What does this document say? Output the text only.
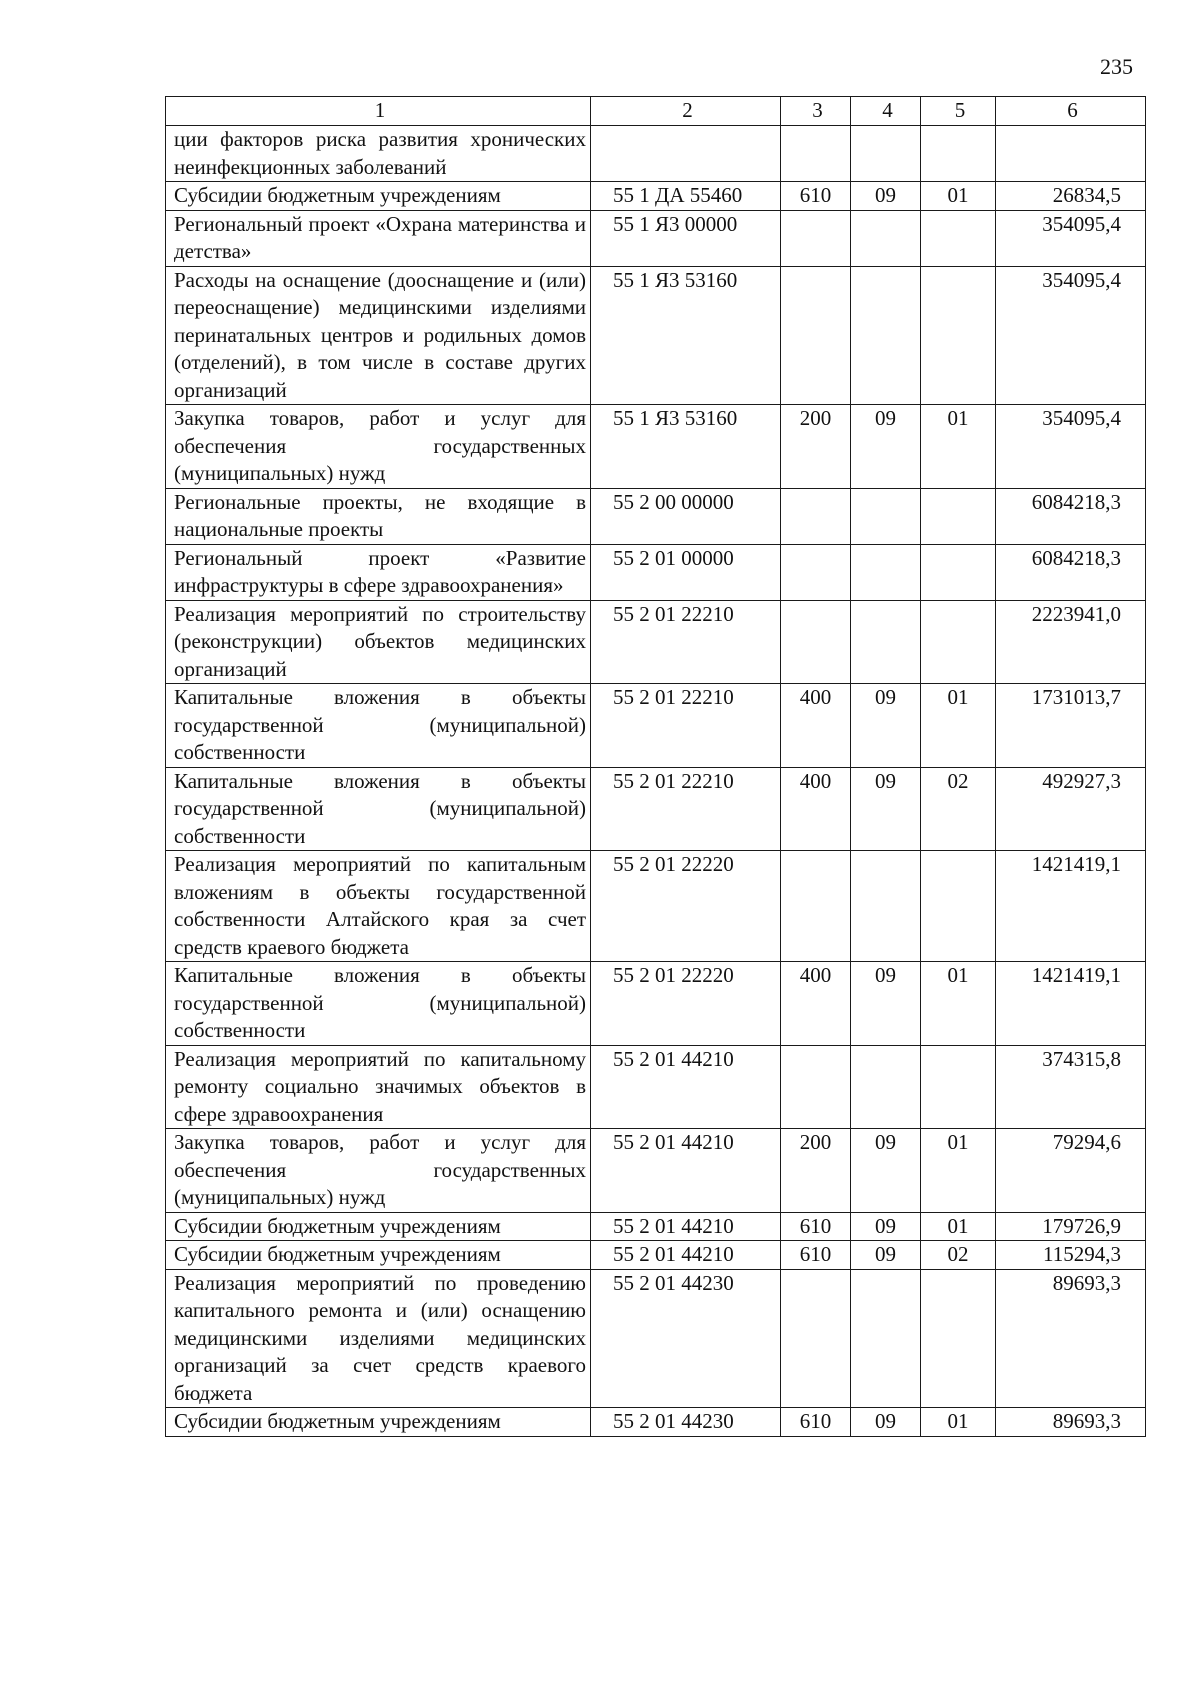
235
1	2	3	4	5	6
ции факторов риска развития хронических неинфекционных заболеваний					
Субсидии бюджетным учреждениям	55 1 ДА 55460	610	09	01	26834,5
Региональный проект «Охрана материнства и детства»	55 1 Я3 00000				354095,4
Расходы на оснащение (дооснащение и (или) переоснащение) медицинскими изделиями перинатальных центров и родильных домов (отделений), в том числе в составе других организаций	55 1 Я3 53160				354095,4
Закупка товаров, работ и услуг для обеспечения государственных (муниципальных) нужд	55 1 Я3 53160	200	09	01	354095,4
Региональные проекты, не входящие в национальные проекты	55 2 00 00000				6084218,3
Региональный проект «Развитие инфраструктуры в сфере здравоохранения»	55 2 01 00000				6084218,3
Реализация мероприятий по строительству (реконструкции) объектов медицинских организаций	55 2 01 22210				2223941,0
Капитальные вложения в объекты государственной (муниципальной) собственности	55 2 01 22210	400	09	01	1731013,7
Капитальные вложения в объекты государственной (муниципальной) собственности	55 2 01 22210	400	09	02	492927,3
Реализация мероприятий по капитальным вложениям в объекты государственной собственности Алтайского края за счет средств краевого бюджета	55 2 01 22220				1421419,1
Капитальные вложения в объекты государственной (муниципальной) собственности	55 2 01 22220	400	09	01	1421419,1
Реализация мероприятий по капитальному ремонту социально значимых объектов в сфере здравоохранения	55 2 01 44210				374315,8
Закупка товаров, работ и услуг для обеспечения государственных (муниципальных) нужд	55 2 01 44210	200	09	01	79294,6
Субсидии бюджетным учреждениям	55 2 01 44210	610	09	01	179726,9
Субсидии бюджетным учреждениям	55 2 01 44210	610	09	02	115294,3
Реализация мероприятий по проведению капитального ремонта и (или) оснащению медицинскими изделиями медицинских организаций за счет средств краевого бюджета	55 2 01 44230				89693,3
Субсидии бюджетным учреждениям	55 2 01 44230	610	09	01	89693,3
